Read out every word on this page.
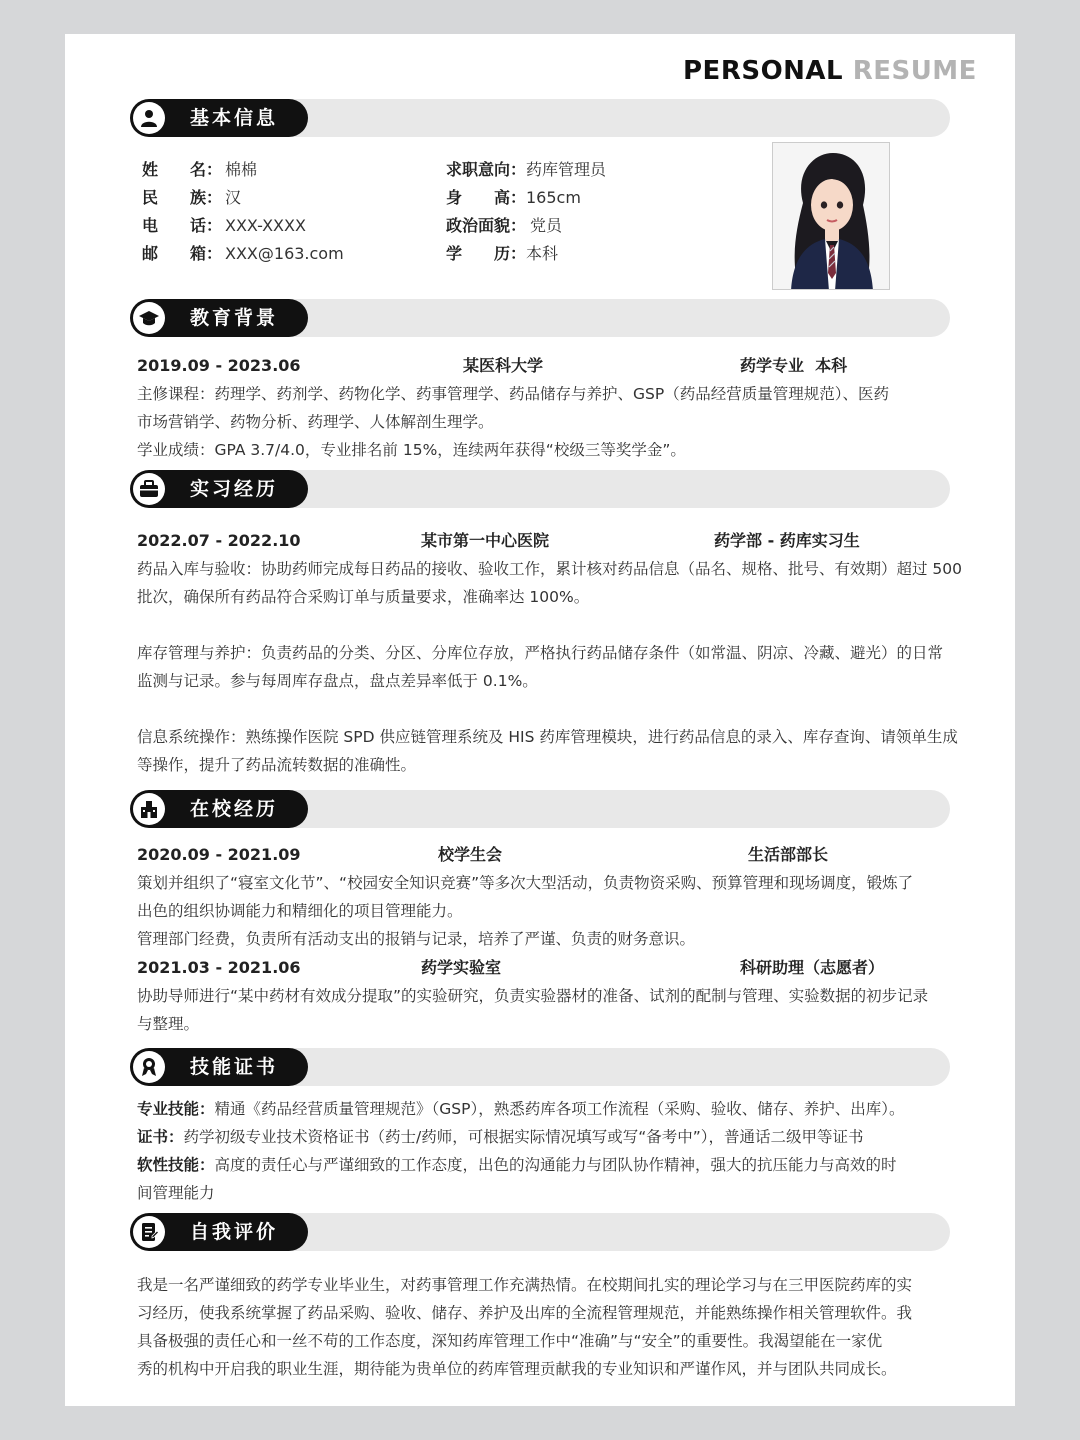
PERSONAL RESUME
基本信息
姓 名： 棉棉
民 族： 汉
电 话： XXX-XXXX
邮 箱： XXX@163.com
求职意向： 药库管理员
身 高： 165cm
政治面貌： 党员
学 历： 本科
教育背景
2019.09 - 2023.06	某医科大学	药学专业  本科
主修课程：药理学、药剂学、药物化学、药事管理学、药品储存与养护、GSP（药品经营质量管理规范）、医药
市场营销学、药物分析、药理学、人体解剖生理学。
学业成绩：GPA 3.7/4.0，专业排名前 15%，连续两年获得“校级三等奖学金”。
实习经历
2022.07 - 2022.10	某市第一中心医院	药学部 - 药库实习生
药品入库与验收：协助药师完成每日药品的接收、验收工作，累计核对药品信息（品名、规格、批号、有效期）超过 500
批次，确保所有药品符合采购订单与质量要求，准确率达 100%。
库存管理与养护：负责药品的分类、分区、分库位存放，严格执行药品储存条件（如常温、阴凉、冷藏、避光）的日常
监测与记录。参与每周库存盘点，盘点差异率低于 0.1%。
信息系统操作：熟练操作医院 SPD 供应链管理系统及 HIS 药库管理模块，进行药品信息的录入、库存查询、请领单生成
等操作，提升了药品流转数据的准确性。
在校经历
2020.09 - 2021.09	校学生会	生活部部长
策划并组织了“寝室文化节”、“校园安全知识竞赛”等多次大型活动，负责物资采购、预算管理和现场调度，锻炼了
出色的组织协调能力和精细化的项目管理能力。
管理部门经费，负责所有活动支出的报销与记录，培养了严谨、负责的财务意识。
2021.03 - 2021.06	药学实验室	科研助理（志愿者）
协助导师进行“某中药材有效成分提取”的实验研究，负责实验器材的准备、试剂的配制与管理、实验数据的初步记录
与整理。
技能证书
专业技能：精通《药品经营质量管理规范》（GSP），熟悉药库各项工作流程（采购、验收、储存、养护、出库）。
证书：药学初级专业技术资格证书（药士/药师，可根据实际情况填写或写“备考中”），普通话二级甲等证书
软性技能：高度的责任心与严谨细致的工作态度，出色的沟通能力与团队协作精神，强大的抗压能力与高效的时
间管理能力
自我评价
我是一名严谨细致的药学专业毕业生，对药事管理工作充满热情。在校期间扎实的理论学习与在三甲医院药库的实
习经历，使我系统掌握了药品采购、验收、储存、养护及出库的全流程管理规范，并能熟练操作相关管理软件。我
具备极强的责任心和一丝不苟的工作态度，深知药库管理工作中“准确”与“安全”的重要性。我渴望能在一家优
秀的机构中开启我的职业生涯，期待能为贵单位的药库管理贡献我的专业知识和严谨作风，并与团队共同成长。
